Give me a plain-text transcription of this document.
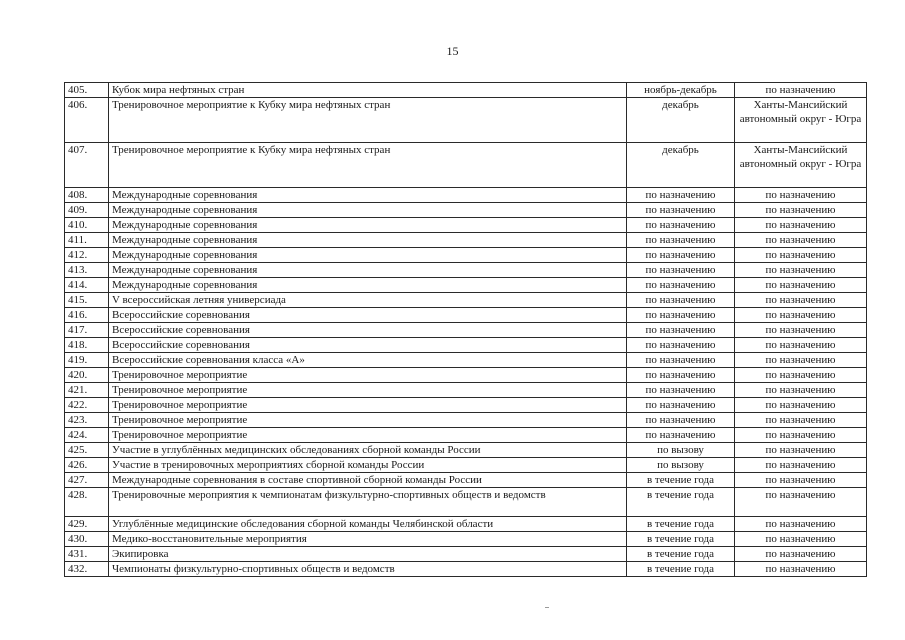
15
405.	Кубок мира нефтяных стран	ноябрь-декабрь	по назначению
406.	Тренировочное мероприятие к Кубку мира нефтяных стран	декабрь	Ханты-Мансийский автономный округ - Югра
407.	Тренировочное мероприятие к Кубку мира нефтяных стран	декабрь	Ханты-Мансийский автономный округ - Югра
408.	Международные соревнования	по назначению	по назначению
409.	Международные соревнования	по назначению	по назначению
410.	Международные соревнования	по назначению	по назначению
411.	Международные соревнования	по назначению	по назначению
412.	Международные соревнования	по назначению	по назначению
413.	Международные соревнования	по назначению	по назначению
414.	Международные соревнования	по назначению	по назначению
415.	V всероссийская летняя универсиада	по назначению	по назначению
416.	Всероссийские соревнования	по назначению	по назначению
417.	Всероссийские соревнования	по назначению	по назначению
418.	Всероссийские соревнования	по назначению	по назначению
419.	Всероссийские соревнования класса «А»	по назначению	по назначению
420.	Тренировочное мероприятие	по назначению	по назначению
421.	Тренировочное мероприятие	по назначению	по назначению
422.	Тренировочное мероприятие	по назначению	по назначению
423.	Тренировочное мероприятие	по назначению	по назначению
424.	Тренировочное мероприятие	по назначению	по назначению
425.	Участие в углублённых медицинских обследованиях сборной команды России	по вызову	по назначению
426.	Участие в тренировочных мероприятиях сборной команды России	по вызову	по назначению
427.	Международные соревнования в составе спортивной сборной команды России	в течение года	по назначению
428.	Тренировочные мероприятия к чемпионатам физкультурно-спортивных обществ и ведомств	в течение года	по назначению
429.	Углублённые медицинские обследования сборной команды Челябинской области	в течение года	по назначению
430.	Медико-восстановительные мероприятия	в течение года	по назначению
431.	Экипировка	в течение года	по назначению
432.	Чемпионаты физкультурно-спортивных обществ и ведомств	в течение года	по назначению
